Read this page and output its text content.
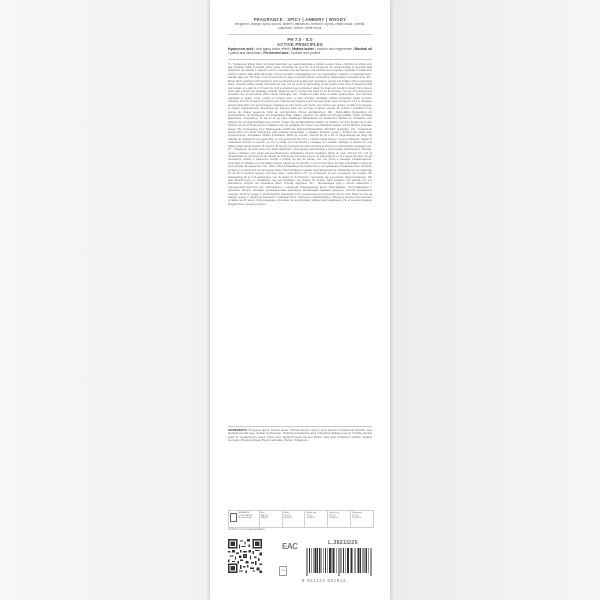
FRAGRANCE : SPICY | AMBERY | WOODY
bergamot, orange, spicy accord, amber | labdanum, benzoin, styrax, cedar wood | vanilla, patchouli, vetiver, white musk
PH 7.0 - 8.0
ACTIVE PRINCIPLES
Hyaluronic acid | anti-aging botox effect | Mafura butter | nourish and regenerate | Baobab oil | polish and illuminate | Fermented aloe | hydrate and protect
IT - Trattamento effetto botox con acido ialuronico, per capelli decolorati e trattati. Leviga, ripara e fortifica con effetto anti-age. Risultati visibili immediati. Modo d'uso: miscelare da 10 a 20 ml di Treatment con acqua tiepida (a seconda della lunghezza dei capelli) in rapporto 1:2,5 e mescolare fino ad ottenere una consistenza omogenea. Applicare il trattamento ciocca a ciocca, dalle radici alle punte, con un pennello e massaggiare con cura. Raccogliere i capelli in un asciugamano e lasciare agire per 15 minuti. L'uso di una fonte di calore aumenta l'effetto ricostruzione. Risciacquare accuratamente. EN - Botox effect treatment with hyaluronic acid, for bleached and treated hair. Smoothes, repairs and fortifies with an anti-aging effect. Instantly visible results. Directions for use: mix 10 to 20 ml (depending on the length of the hair) of Treatment with warm water, in a ratio of 1: 2.5 and mix until a consistent gel is obtained. Apply the treatment strand by strand, from roots to ends, with a brush and massage carefully. Wrap the hair in a towel and leave on for 15 minutes. The use of a heat source increases the reconstruction effect. Rinse thoroughly. FR - Traitement effet botox à l'acide hyaluronique, pour cheveux décolorés et traités. Lisse, répare et renforce avec un effet anti-âge. Résultats visibles immédiats. Mode d'emploi: mélanger 10 à 20 ml (selon la longueur des cheveux) de Traitement avec de l'eau tiède, selon un rapport 1:2,5 et mélanger jusqu'à l'obtention d'un gel homogène. Appliquer le soin mèche par mèche, des racines aux pointes, à l'aide d'un pinceau, et masser soigneusement. Envelopper les cheveux dans une serviette et laisser reposer 15 minutes. L'utilisation d'une source de chaleur augmente l'effet de reconstruction. Rincer abondamment. DE - Botox-Effekt Behandlung mit Hyaluronsäure, für blondiertes und behandeltes Haar. Glättet, repariert und stärkt mit Anti-aging-Effekt. Sofort sichtbare Ergebnisse. Anwendung: 10 bis 20 ml (je nach Haarlänge) Behandlung mit lauwarmem Wasser im Verhältnis 1:2,5 mischen bis ein gleichmäßiges Gel entsteht. Tragen Sie die Behandlung Strähne für Strähne von dem Ansatz bis zu den Spitzen mit einem Pinsel auf und massieren Sie sie sorgfältig ein. Haare in ein Handtuch wickeln und 15 Minuten einwirken lassen. Die Verwendung einer Wärmequelle erhöht den Rekonstruktionseffekt. Gründlich ausspülen. ES - Tratamiento efecto botox con ácido hialurónico, para cabellos decolorados y tratados. Suaviza, repara y fortifica con efecto anti-envejecimiento. Resultados visibles inmediatos. Modo de empleo: mezclar de 10 a 20 ml (dependiendo del largo del cabello) de tratamiento con agua tibia, en una proporción de 1:2,5 y mezclar hasta obtener un gel consistente. Aplicar el tratamiento mechón a mechón, de raíz a puntas, con una brocha y masajear con cuidado. Recoger el cabello con una toalla y dejar actuar durante 15 minutos. El uso de una fuente de calor aumenta el efecto de reconstrucción. Enjuagar bien. PT - Tratamento de efeito botox com ácido hialurónico, para cabelos descolorados e processados quimicamente. Suaviza, repara e fortalece com efeito anti-envelhecimento. Resultados visíveis imediatos. Modo de usar: misturar 10 a 20 ml (dependendo do comprimento do cabelo) de Tratamento com água morna, na proporção de 1:2,5 e mexer até obter um gel consistente. Aplicar o tratamento mecha a mecha, da raiz às pontas, com um pincel e massajar cuidadosamente. Acomodar os cabelos em uma toalha e deixar pausar por 15 minutos. O uso de uma fonte de calor potencializa o efeito da reconstrução. Enxaguar bem. NL - Botox effect behandeling met hyaluronzuur, voor gebleekt en behandeld haar. Verzacht, herstelt en versterkt met een anti-aging effect. Direct zichtbaar resultaat. Gebruiksaanwijzing: Afhankelijk van de haarlengte 10 tot 20 ml product mengen met lauw water, verhouding 1:2,5, en vermengen tot een consistente gel ontstaat. De behandeling lok per lok aanbrengen, van de wortel tot de haarpunt, met behulp van een borstel. Goed inmasseren. Het haar bijeenbrengen en omwikkelen met een handdoek, het product 15 minuten laten inwerken. Het gebruik van een warmtebron vergroot het herstellend effect. Grondig uitspoelen. RU - Интенсивный уход с ботокс эффектом с гиалуроновой кислотой для осветлённых и химически повреждённых волос. Разглаживает, восстанавливает и укрепляет волосы, обладает антивозрастным действием. Мгновенный видимый результат. Способ применения: смешать 10-20 мл уходa с тёплой водой в пропорции 1:2,5, перемешать до получения густого геля. Нанести гель на каждую прядь от корней до кончиков с помощью кисти. Тщательно помассировать. Обернуть волосы полотенцем и оставить на 15 минут. Использование источника тепла усиливает эффект восстановления. По истечении времени воздействия тщательно смыть.
INGREDIENTS: Propylene glycol, Alcohol denat., Myristyl alcohol, Aqua, Lauryl alcohol, Cetrimonium chloride, Aloe barbadensis leaf juice, Sodium hyaluronate, Hydrolyzed hyaluronic acid, Adansonia digitata seed oil, Trichilia emetica seed oil, polyglyceryl-6 esters, Lactic acid, Saccharomyces ferment filtrate, Citric acid, Potassium sorbate, Sodium benzoate, Phenoxyethanol, Benzyl salicylate, Parfum | Fragrance.
SEPARATE
YOUR WASTE
Be sustainable
Box
PAP 21
PAPER
Bottle
PET 01
PLASTIC
Bottle cap
PP 05
PLASTIC
Bottle cap
PP 05
PLASTIC
Dispenser
PP 05
PLASTIC
Conform to your local regulations.
EAC
12M
L.3821I226
8 051122 601912
